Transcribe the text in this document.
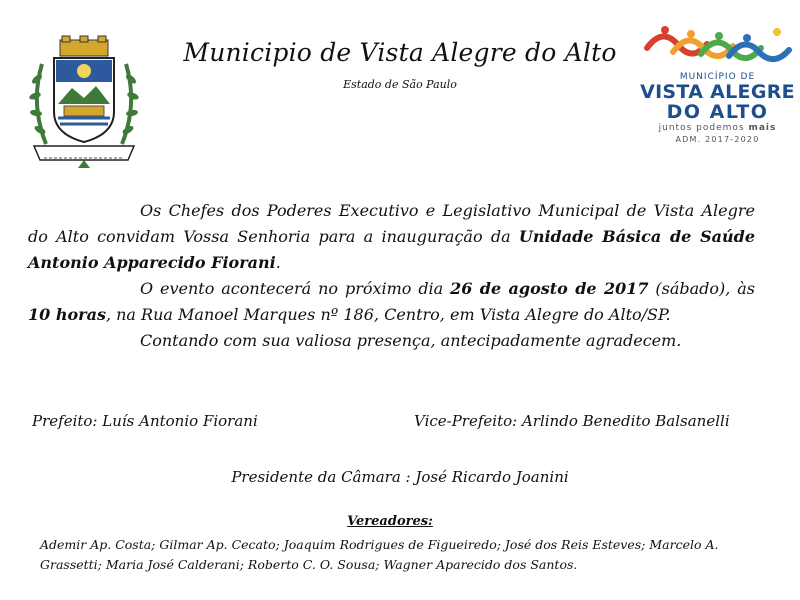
Municipio de Vista Alegre do Alto
Estado de São Paulo
MUNICÍPIO DE
VISTA ALEGRE
DO ALTO
juntos podemos mais
ADM. 2017-2020

Os Chefes dos Poderes Executivo e Legislativo Municipal de Vista Alegre do Alto convidam Vossa Senhoria para a inauguração da Unidade Básica de Saúde Antonio Apparecido Fiorani.

O evento acontecerá no próximo dia 26 de agosto de 2017 (sábado), às 10 horas, na Rua Manoel Marques nº 186, Centro, em Vista Alegre do Alto/SP.

Contando com sua valiosa presença, antecipadamente agradecem.

Prefeito: Luís Antonio Fiorani	Vice-Prefeito: Arlindo Benedito Balsanelli
Presidente da Câmara : José Ricardo Joanini
Vereadores:

Ademir Ap. Costa; Gilmar Ap. Cecato; Joaquim Rodrigues de Figueiredo; José dos Reis Esteves; Marcelo A.

Grassetti; Maria José Calderani; Roberto C. O. Sousa; Wagner Aparecido dos Santos.
